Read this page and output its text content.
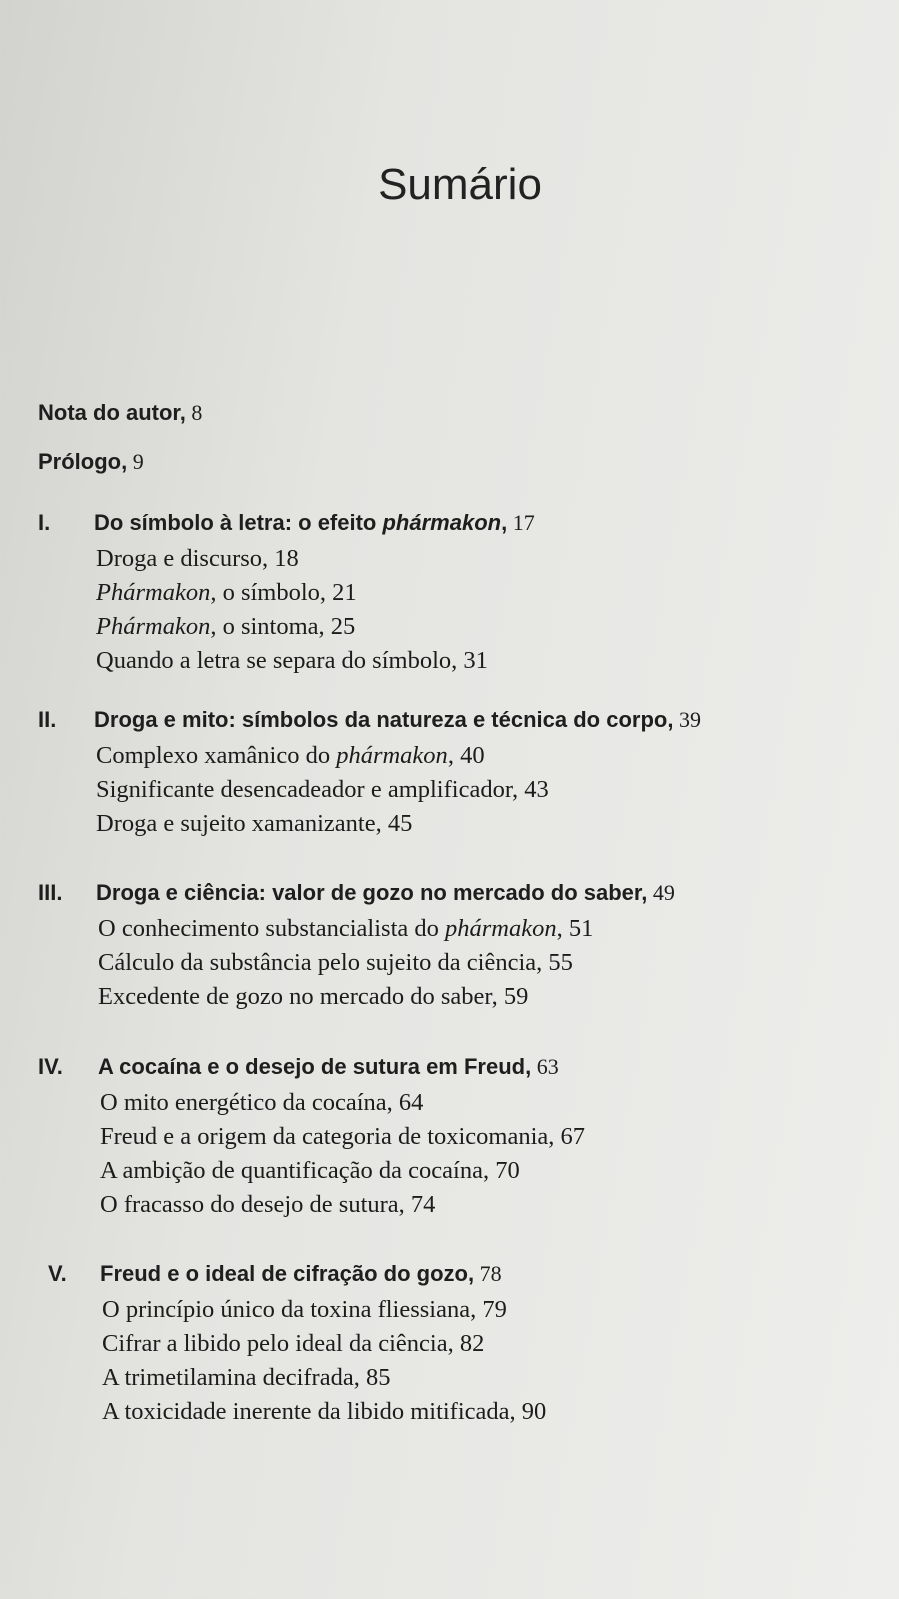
Sumário
Nota do autor, 8
Prólogo, 9
I. Do símbolo à letra: o efeito phármakon, 17
Droga e discurso, 18
Phármakon, o símbolo, 21
Phármakon, o sintoma, 25
Quando a letra se separa do símbolo, 31
II. Droga e mito: símbolos da natureza e técnica do corpo, 39
Complexo xamânico do phármakon, 40
Significante desencadeador e amplificador, 43
Droga e sujeito xamanizante, 45
III. Droga e ciência: valor de gozo no mercado do saber, 49
O conhecimento substancialista do phármakon, 51
Cálculo da substância pelo sujeito da ciência, 55
Excedente de gozo no mercado do saber, 59
IV. A cocaína e o desejo de sutura em Freud, 63
O mito energético da cocaína, 64
Freud e a origem da categoria de toxicomania, 67
A ambição de quantificação da cocaína, 70
O fracasso do desejo de sutura, 74
V. Freud e o ideal de cifração do gozo, 78
O princípio único da toxina fliessiana, 79
Cifrar a libido pelo ideal da ciência, 82
A trimetilamina decifrada, 85
A toxicidade inerente da libido mitificada, 90
